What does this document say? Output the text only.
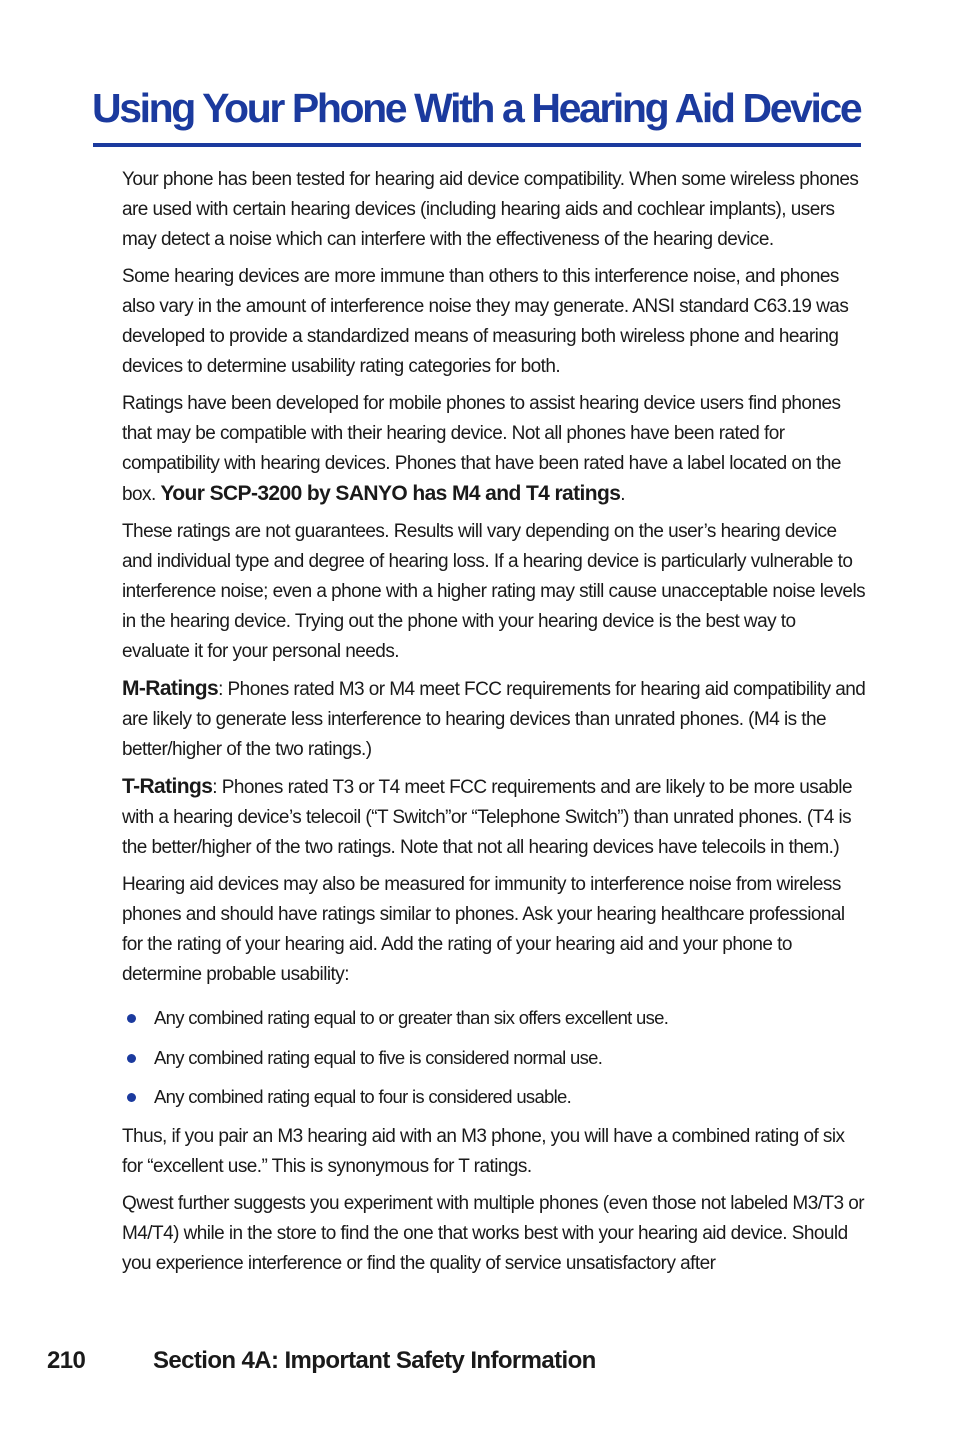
Using Your Phone With a Hearing Aid Device

Your phone has been tested for hearing aid device compatibility. When some wireless phones are used with certain hearing devices (including hearing aids and cochlear implants), users may detect a noise which can interfere with the effectiveness of the hearing device.

Some hearing devices are more immune than others to this interference noise, and phones also vary in the amount of interference noise they may generate. ANSI standard C63.19 was developed to provide a standardized means of measuring both wireless phone and hearing devices to determine usability rating categories for both.

Ratings have been developed for mobile phones to assist hearing device users find phones that may be compatible with their hearing device. Not all phones have been rated for compatibility with hearing devices. Phones that have been rated have a label located on the box. Your SCP-3200 by SANYO has M4 and T4 ratings.

These ratings are not guarantees. Results will vary depending on the user’s hearing device and individual type and degree of hearing loss. If a hearing device is particularly vulnerable to interference noise; even a phone with a higher rating may still cause unacceptable noise levels in the hearing device. Trying out the phone with your hearing device is the best way to evaluate it for your personal needs.

M-Ratings: Phones rated M3 or M4 meet FCC requirements for hearing aid compatibility and are likely to generate less interference to hearing devices than unrated phones. (M4 is the better/higher of the two ratings.)

T-Ratings: Phones rated T3 or T4 meet FCC requirements and are likely to be more usable with a hearing device’s telecoil (“T Switch”or “Telephone Switch”) than unrated phones. (T4 is the better/higher of the two ratings. Note that not all hearing devices have telecoils in them.)

Hearing aid devices may also be measured for immunity to interference noise from wireless phones and should have ratings similar to phones. Ask your hearing healthcare professional for the rating of your hearing aid. Add the rating of your hearing aid and your phone to determine probable usability:

Any combined rating equal to or greater than six offers excellent use.
Any combined rating equal to five is considered normal use.
Any combined rating equal to four is considered usable.

Thus, if you pair an M3 hearing aid with an M3 phone, you will have a combined rating of six for “excellent use.” This is synonymous for T ratings.

Qwest further suggests you experiment with multiple phones (even those not labeled M3/T3 or M4/T4) while in the store to find the one that works best with your hearing aid device. Should you experience interference or find the quality of service unsatisfactory after

210	Section 4A: Important Safety Information
